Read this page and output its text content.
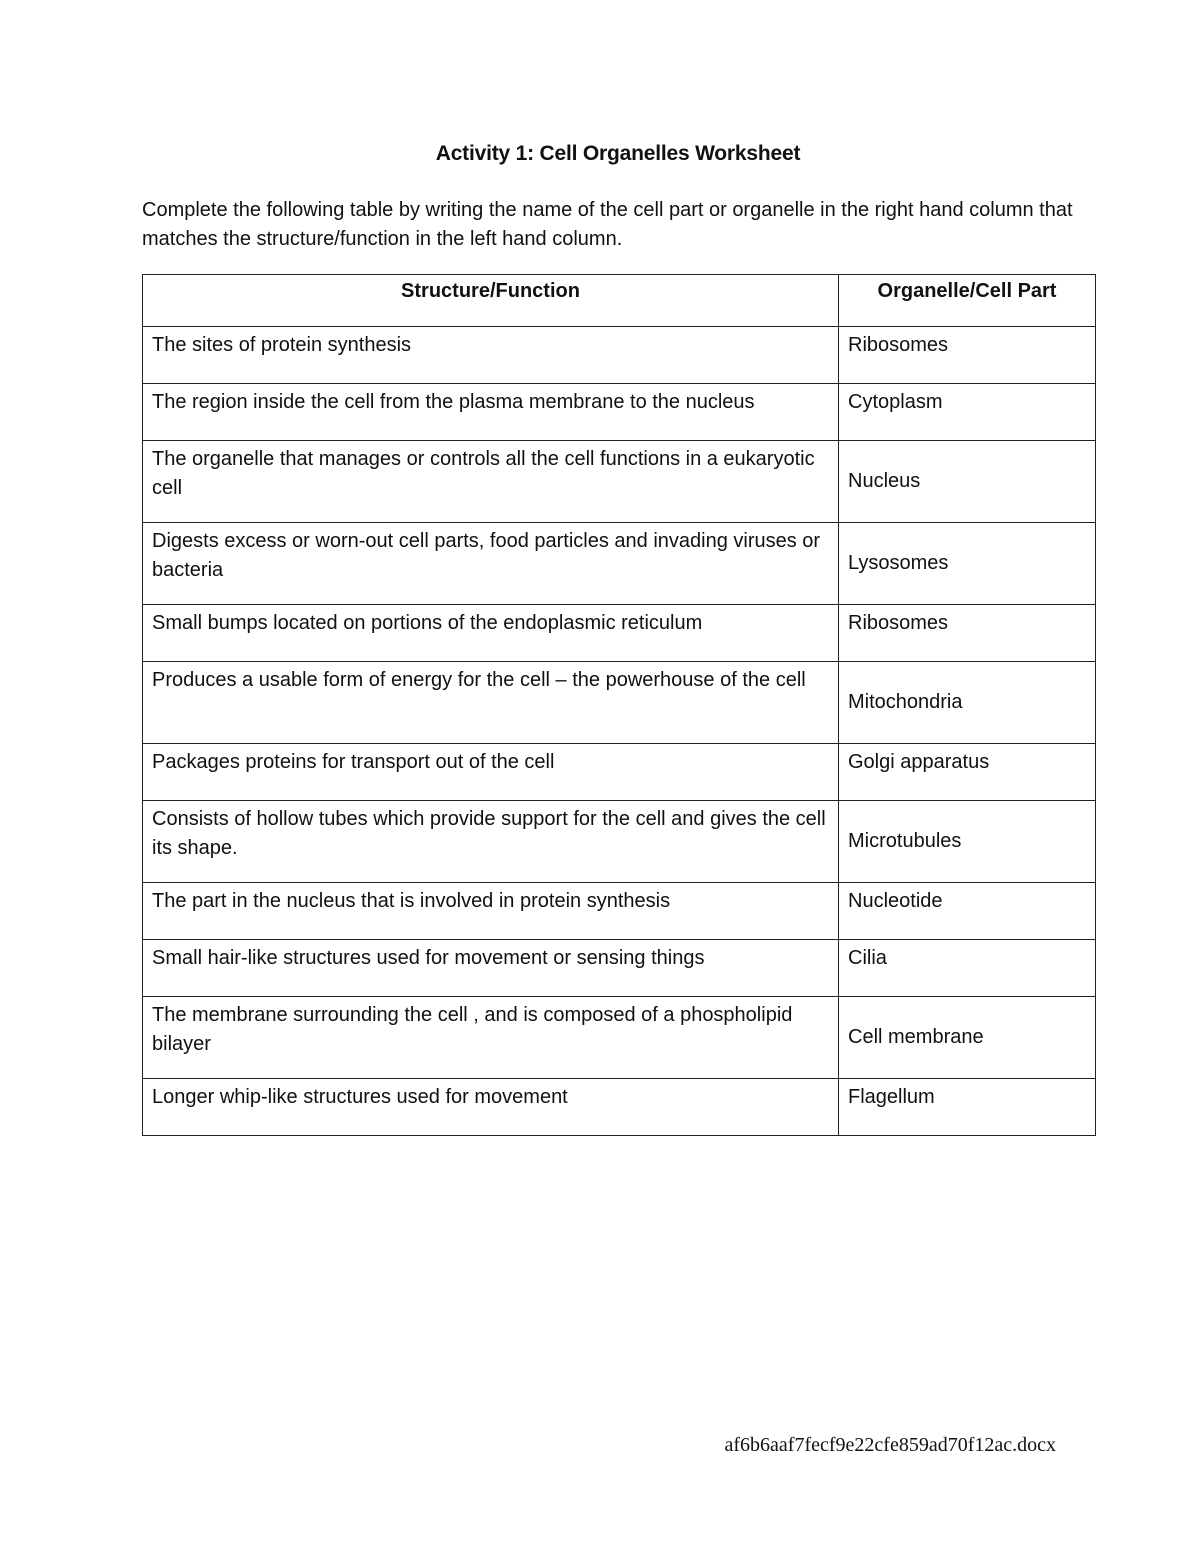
Activity 1: Cell Organelles Worksheet
Complete the following table by writing the name of the cell part or organelle in the right hand column that matches the structure/function in the left hand column.
Structure/Function	Organelle/Cell Part
The sites of protein synthesis	Ribosomes
The region inside the cell from the plasma membrane to the nucleus	Cytoplasm
The organelle that manages or controls all the cell functions in a eukaryotic cell	Nucleus
Digests excess or worn-out cell parts, food particles and invading viruses or bacteria	Lysosomes
Small bumps located on portions of the endoplasmic reticulum	Ribosomes
Produces a usable form of energy for the cell – the powerhouse of the cell	Mitochondria
Packages proteins for transport out of the cell	Golgi apparatus
Consists of hollow tubes which provide support for the cell and gives the cell its shape.	Microtubules
The part in the nucleus that is involved in protein synthesis	Nucleotide
Small hair-like structures used for movement or sensing things	Cilia
The membrane surrounding the cell , and is composed of a phospholipid bilayer	Cell membrane
Longer whip-like structures used for movement	Flagellum
af6b6aaf7fecf9e22cfe859ad70f12ac.docx
